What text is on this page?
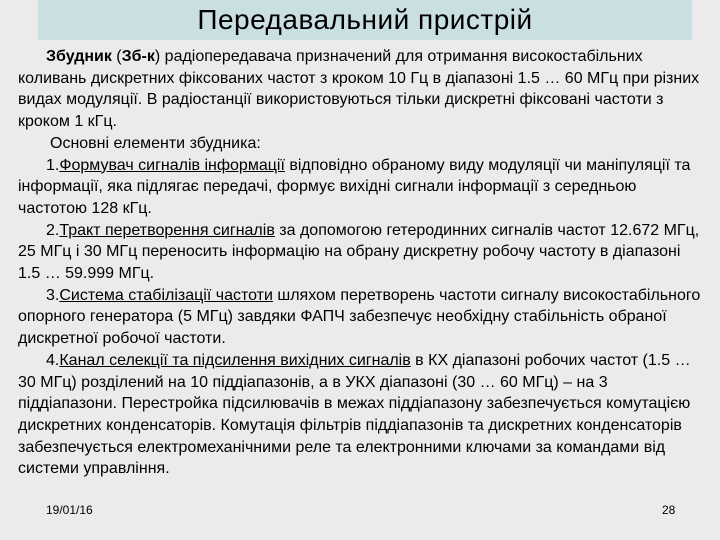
Передавальний пристрій

Збудник (Зб-к) радіопередавача призначений для отримання високостабільних коливань дискретних фіксованих частот з кроком 10 Гц в діапазоні 1.5 … 60 МГц при різних видах модуляції. В радіостанції використовуються тільки дискретні фіксовані частоти з кроком 1 кГц.

Основні елементи збудника:

1.Формувач сигналів інформації відповідно обраному виду модуляції чи маніпуляції та інформації, яка підлягає передачі, формує вихідні сигнали інформації з середньою частотою 128 кГц.

2.Тракт перетворення сигналів за допомогою гетеродинних сигналів частот 12.672 МГц, 25 МГц і 30 МГц переносить інформацію на обрану дискретну робочу частоту в діапазоні 1.5 … 59.999 МГц.

3.Система стабілізації частоти шляхом перетворень частоти сигналу високостабільного опорного генератора (5 МГц) завдяки ФАПЧ забезпечує необхідну стабільність обраної дискретної робочої частоти.

4.Канал селекції та підсилення вихідних сигналів в КХ діапазоні робочих частот (1.5 … 30 МГц) розділений на 10 піддіапазонів, а в УКХ діапазоні (30 … 60 МГц) – на 3 піддіапазони. Перестройка підсилювачів в межах піддіапазону забезпечується комутацією дискретних конденсаторів. Комутація фільтрів піддіапазонів та дискретних конденсаторів забезпечується електромеханічними реле та електронними ключами за командами від системи управління.

19/01/16	28
